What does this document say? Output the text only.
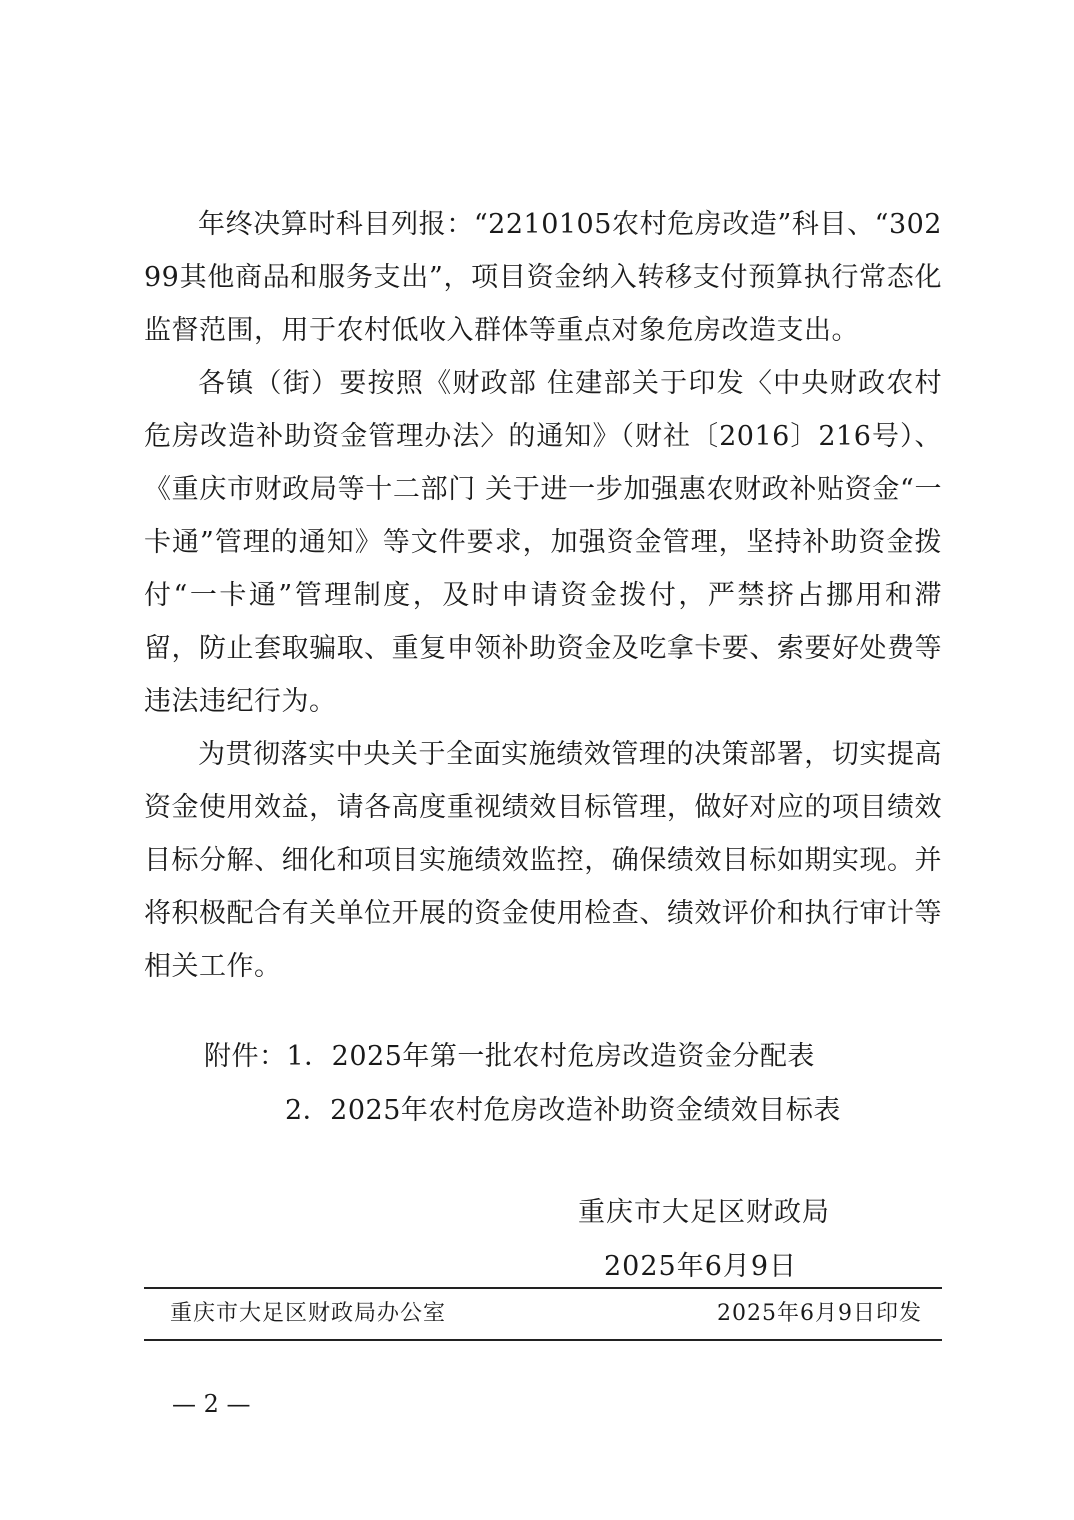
年终决算时科目列报：“2210105农村危房改造”科目、“30299其他商品和服务支出”，项目资金纳入转移支付预算执行常态化监督范围，用于农村低收入群体等重点对象危房改造支出。

各镇（街）要按照《财政部 住建部关于印发〈中央财政农村危房改造补助资金管理办法〉的通知》（财社〔2016〕216号）、《重庆市财政局等十二部门 关于进一步加强惠农财政补贴资金“一卡通”管理的通知》等文件要求，加强资金管理，坚持补助资金拨付“一卡通”管理制度，及时申请资金拨付，严禁挤占挪用和滞留，防止套取骗取、重复申领补助资金及吃拿卡要、索要好处费等违法违纪行为。

为贯彻落实中央关于全面实施绩效管理的决策部署，切实提高资金使用效益，请各高度重视绩效目标管理，做好对应的项目绩效目标分解、细化和项目实施绩效监控，确保绩效目标如期实现。并将积极配合有关单位开展的资金使用检查、绩效评价和执行审计等相关工作。

附件：1．2025年第一批农村危房改造资金分配表
2．2025年农村危房改造补助资金绩效目标表
重庆市大足区财政局
2025年6月9日
重庆市大足区财政局办公室	2025年6月9日印发
— 2 —
